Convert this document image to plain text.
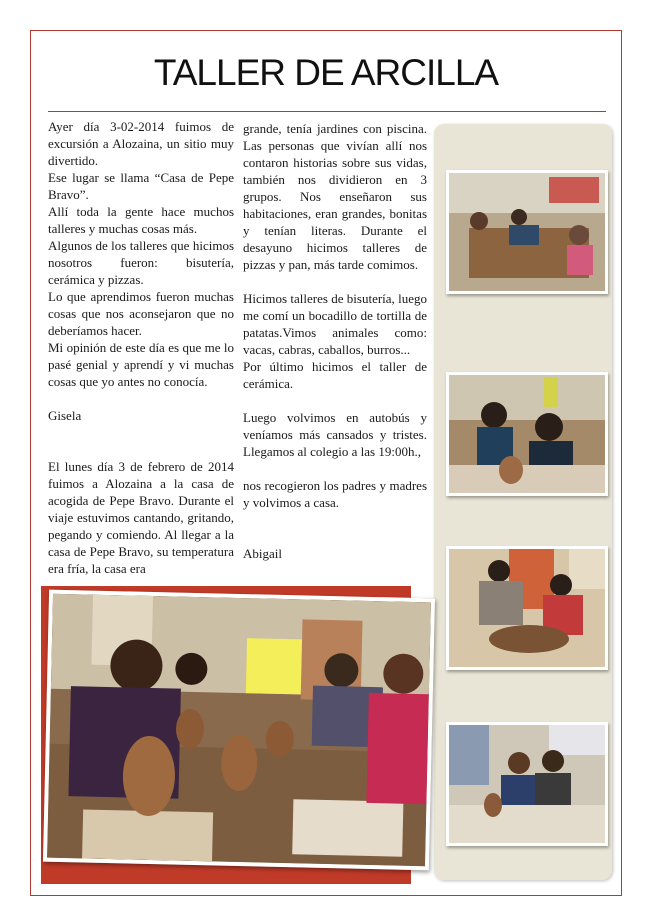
TALLER DE ARCILLA

Ayer día 3-02-2014 fuimos de excursión a Alozaina, un sitio muy divertido.

Ese lugar se llama “Casa de Pepe Bravo”.

Allí toda la gente hace muchos talleres y muchas cosas más.

Algunos de los talleres que hicimos nosotros fueron: bisutería, cerámica y pizzas.

Lo que aprendimos fueron muchas cosas que nos aconsejaron que no deberíamos hacer.

Mi opinión de este día es que me lo pasé genial y aprendí y vi muchas cosas que yo antes no conocía.

Gisela

El lunes día 3 de febrero de 2014 fuimos a Alozaina a la casa de acogida de Pepe Bravo. Durante el viaje estuvimos cantando, gritando, pegando y comiendo. Al llegar a la casa de Pepe Bravo, su temperatura era fría, la casa era

grande, tenía jardines con piscina. Las personas que vivían allí nos contaron historias sobre sus vidas, también nos dividieron en 3 grupos. Nos enseñaron sus habitaciones, eran grandes, bonitas y tenían literas. Durante el desayuno hicimos talleres de pizzas y pan, más tarde comimos.

Hicimos talleres de bisutería, luego me comí un bocadillo de tortilla de patatas.Vimos animales como: vacas, cabras, caballos, burros...

Por último hicimos el taller de cerámica.

Luego volvimos en autobús y veníamos más cansados y tristes. Llegamos al colegio a las 19:00h.,

nos recogieron los padres y madres y volvimos a casa.

Abigail
